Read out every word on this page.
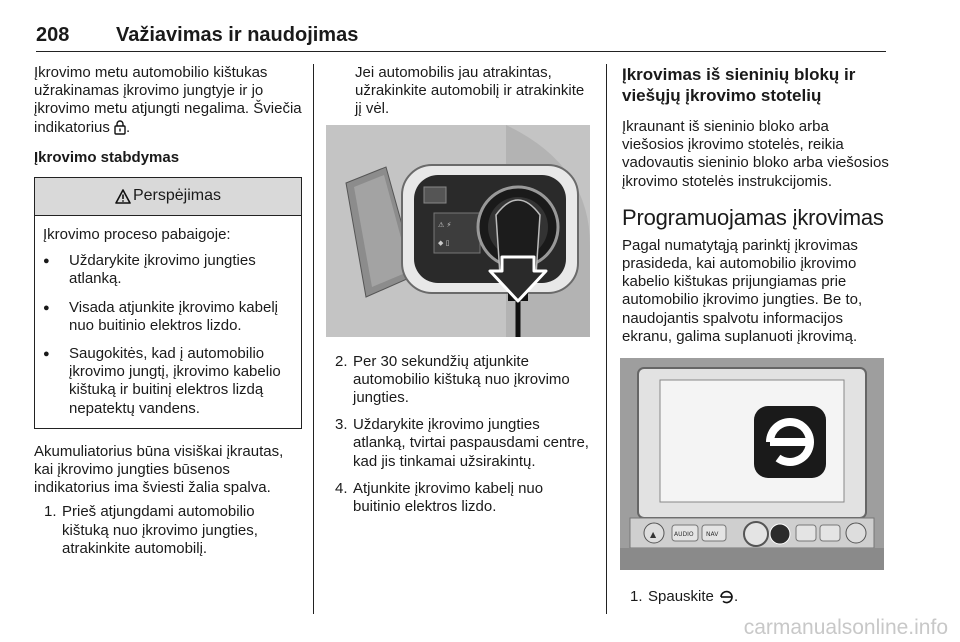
208 Važiavimas ir naudojimas

Įkrovimo metu automobilio kištukas užrakinamas įkrovimo jungtyje ir jo įkrovimo metu atjungti negalima. Šviečia indikatorius .

Įkrovimo stabdymas
Perspėjimas
Įkrovimo proceso pabaigoje:
● Uždarykite įkrovimo jungties atlanką.
● Visada atjunkite įkrovimo kabelį nuo buitinio elektros lizdo.
● Saugokitės, kad į automobilio įkrovimo jungtį, įkrovimo kabelio kištuką ir buitinį elektros lizdą nepatektų vandens.

Akumuliatorius būna visiškai įkrautas, kai įkrovimo jungties būsenos indikatorius ima šviesti žalia spalva.

1. Prieš atjungdami automobilio kištuką nuo įkrovimo jungties, atrakinkite automobilį.

Jei automobilis jau atrakintas, užrakinkite automobilį ir atrakinkite jį vėl.

⚠ ⚡
◆ ▯
2. Per 30 sekundžių atjunkite automobilio kištuką nuo įkrovimo jungties.
3. Uždarykite įkrovimo jungties atlanką, tvirtai paspausdami centre, kad jis tinkamai užsirakintų.
4. Atjunkite įkrovimo kabelį nuo buitinio elektros lizdo.
Įkrovimas iš sieninių blokų ir viešųjų įkrovimo stotelių

Įkraunant iš sieninio bloko arba viešosios įkrovimo stotelės, reikia vadovautis sieninio bloko arba viešosios įkrovimo stotelės instrukcijomis.

Programuojamas įkrovimas

Pagal numatytąją parinktį įkrovimas prasideda, kai automobilio įkrovimo kabelio kištukas prijungiamas prie automobilio įkrovimo jungties. Be to, naudojantis spalvotu informacijos ekranu, galima suplanuoti įkrovimą.

▲	AUDIO NAV
1. Spauskite .
carmanualsonline.info
